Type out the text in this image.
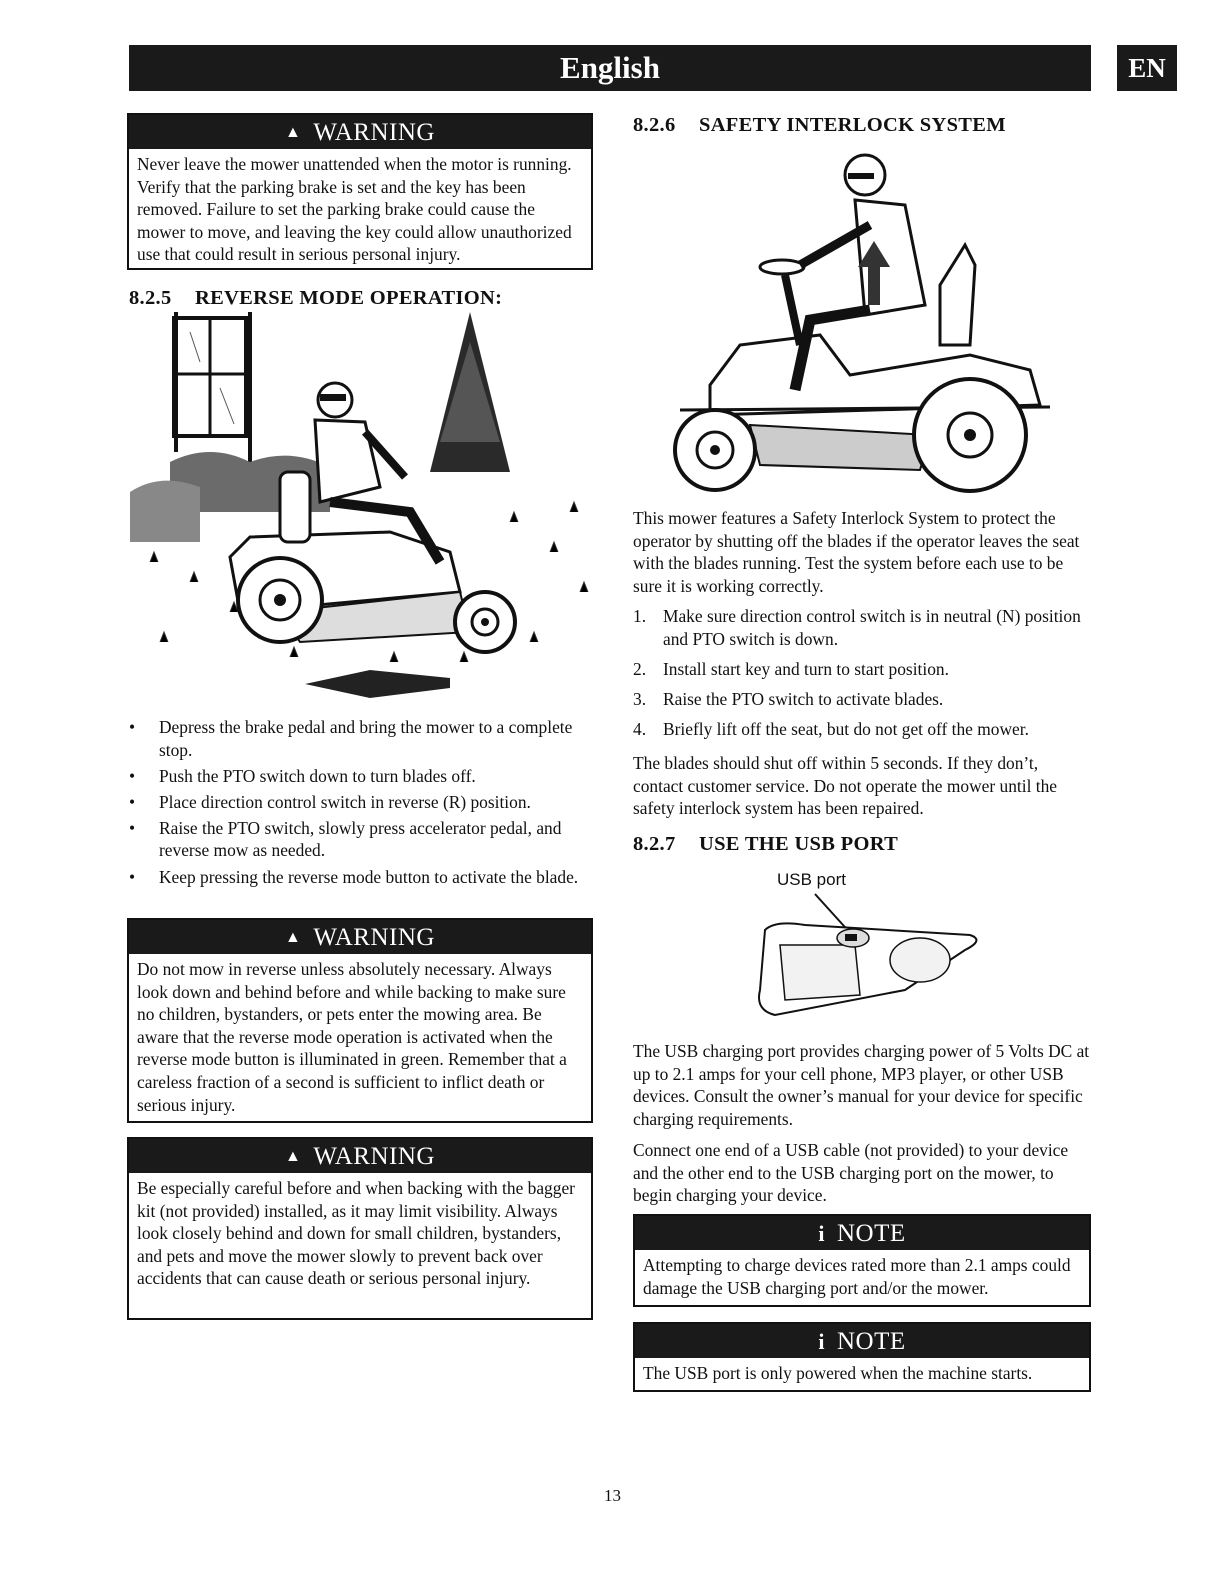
English	EN
▲ WARNING
Never leave the mower unattended when the motor is running. Verify that the parking brake is set and the key has been removed. Failure to set the parking brake could cause the mower to move, and leaving the key could allow unauthorized use that could result in serious personal injury.
8.2.5 REVERSE MODE OPERATION:
• Depress the brake pedal and bring the mower to a complete stop.
• Push the PTO switch down to turn blades off.
• Place direction control switch in reverse (R) position.
• Raise the PTO switch, slowly press accelerator pedal, and reverse mow as needed.
• Keep pressing the reverse mode button to activate the blade.
▲ WARNING
Do not mow in reverse unless absolutely necessary. Always look down and behind before and while backing to make sure no children, bystanders, or pets enter the mowing area. Be aware that the reverse mode operation is activated when the reverse mode button is illuminated in green. Remember that a careless fraction of a second is sufficient to inflict death or serious injury.
▲ WARNING
Be especially careful before and when backing with the bagger kit (not provided) installed, as it may limit visibility. Always look closely behind and down for small children, bystanders, and pets and move the mower slowly to prevent back over accidents that can cause death or serious personal injury.
8.2.6 SAFETY INTERLOCK SYSTEM
This mower features a Safety Interlock System to protect the operator by shutting off the blades if the operator leaves the seat with the blades running. Test the system before each use to be sure it is working correctly.
1. Make sure direction control switch is in neutral (N) position and PTO switch is down.
2. Install start key and turn to start position.
3. Raise the PTO switch to activate blades.
4. Briefly lift off the seat, but do not get off the mower.
The blades should shut off within 5 seconds. If they don’t, contact customer service. Do not operate the mower until the safety interlock system has been repaired.
8.2.7 USE THE USB PORT
USB port
The USB charging port provides charging power of 5 Volts DC at up to 2.1 amps for your cell phone, MP3 player, or other USB devices. Consult the owner’s manual for your device for specific charging requirements.
Connect one end of a USB cable (not provided) to your device and the other end to the USB charging port on the mower, to begin charging your device.
i NOTE
Attempting to charge devices rated more than 2.1 amps could damage the USB charging port and/or the mower.
i NOTE
The USB port is only powered when the machine starts.
13
